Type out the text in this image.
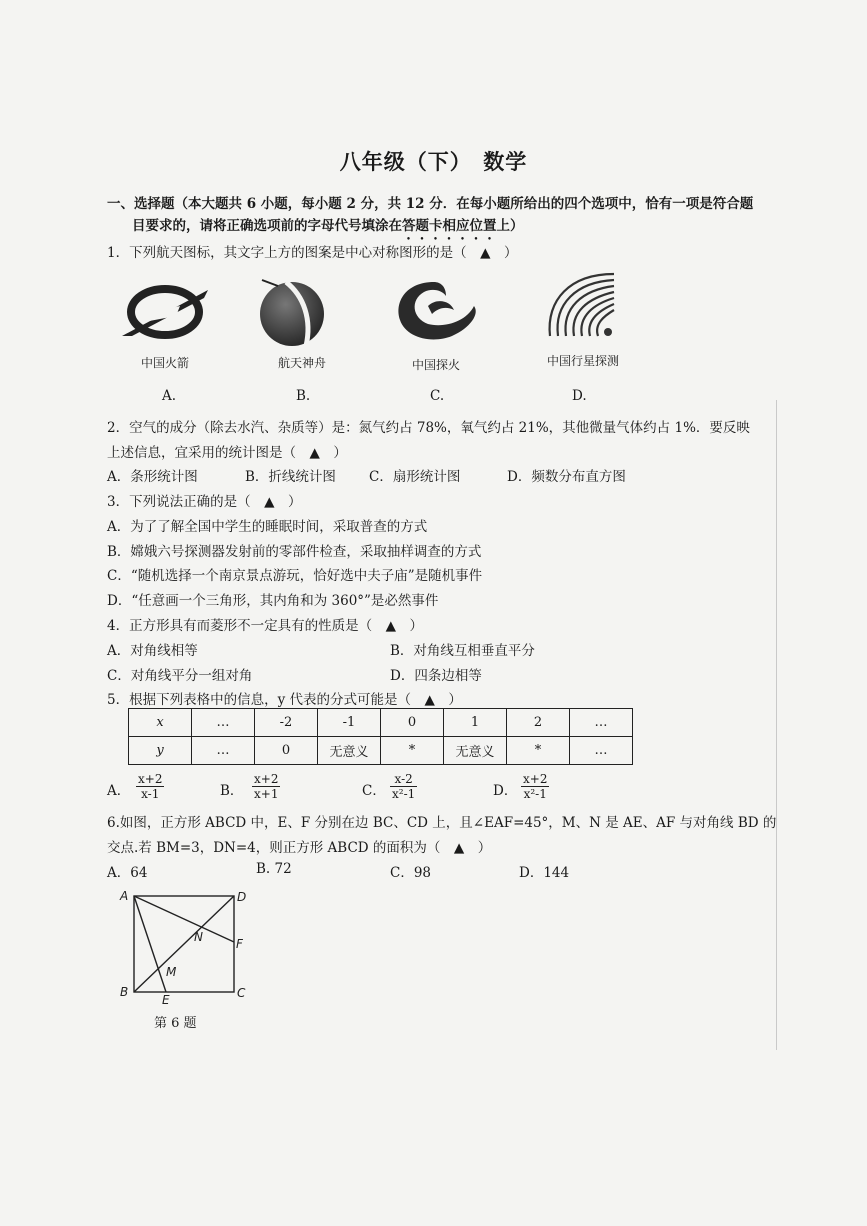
八年级（下）　数学
一、选择题（本大题共 6 小题，每小题 2 分，共 12 分．在每小题所给出的四个选项中，恰有一项是符合题
目要求的，请将正确选项前的字母代号填涂在答题卡相应位置上）
1．下列航天图标，其文字上方的图案是中心对称图形的是（　▲　）
中国火箭	航天神舟	中国探火	中国行星探测
A.	B.	C.	D.
2．空气的成分（除去水汽、杂质等）是：氮气约占 78%，氧气约占 21%，其他微量气体约占 1%．要反映
上述信息，宜采用的统计图是（　▲　）
A．条形统计图	B．折线统计图 C．扇形统计图	D．频数分布直方图
3．下列说法正确的是（　▲　）
A．为了了解全国中学生的睡眠时间，采取普查的方式
B．嫦娥六号探测器发射前的零部件检查，采取抽样调查的方式
C．“随机选择一个南京景点游玩，恰好选中夫子庙”是随机事件
D．“任意画一个三角形，其内角和为 360°”是必然事件
4．正方形具有而菱形不一定具有的性质是（　▲　）
A．对角线相等	B．对角线互相垂直平分
C．对角线平分一组对角	D．四条边相等
5．根据下列表格中的信息，y 代表的分式可能是（　▲　）
x	…	-2	-1	0	1	2	…
y	…	0	无意义	*	无意义	*	…
A． $\frac{x+2}{x-1}$	B． $\frac{x+2}{x+1}$	C． $\frac{x-2}{\text{x²-1}}$	D． $\frac{x+2}{\text{x²-1}}$
6.如图，正方形 ABCD 中，E、F 分别在边 BC、CD 上，且∠EAF=45°，M、N 是 AE、AF 与对角线 BD 的
交点.若 BM=3，DN=4，则正方形 ABCD 的面积为（　▲　）
A．64	B. 72	C．98	D．144
A	D
B	C
E
F
M
N
第 6 题
